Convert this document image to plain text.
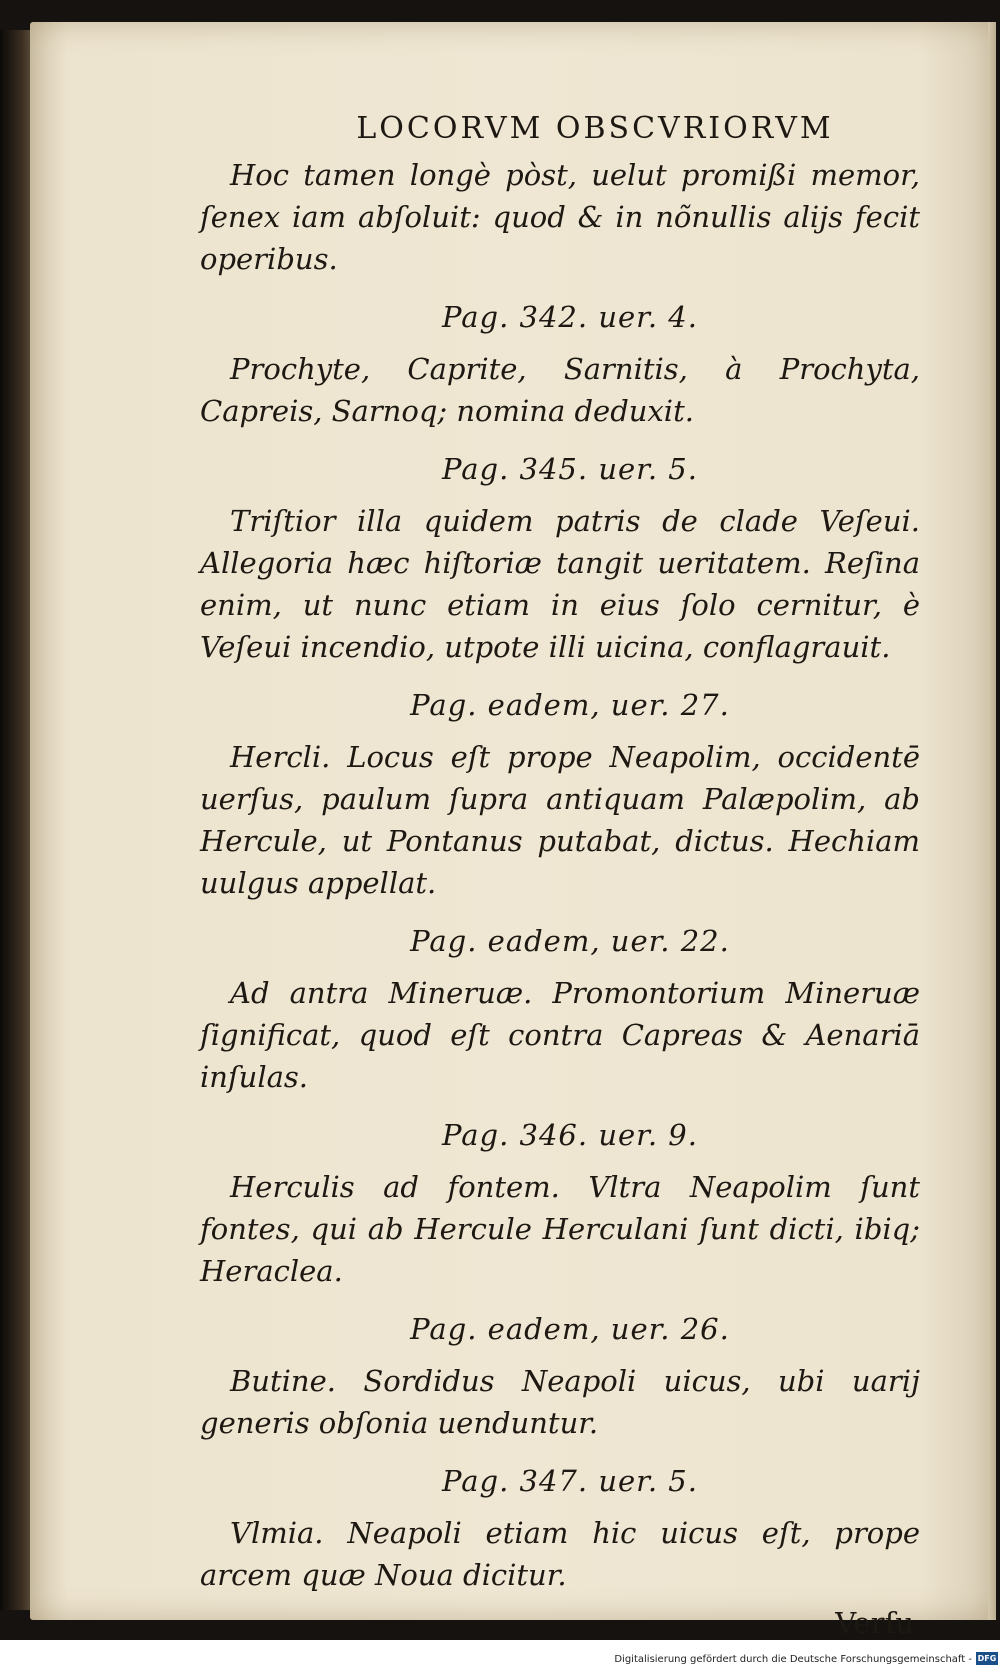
LOCORVM OBSCVRIORVM
Hoc tamen longè pòst, uelut promißi memor, ſenex iam abſoluit: quod & in nõnullis alijs fecit operibus.
Pag. 342. uer. 4.
Prochyte, Caprite, Sarnitis, à Prochyta, Capreis, Sarnoq; nomina deduxit.
Pag. 345. uer. 5.
Triſtior illa quidem patris de clade Veſeui. Allegoria hæc hiſtoriæ tangit ueritatem. Reſina enim, ut nunc etiam in eius ſolo cernitur, è Veſeui incendio, utpote illi uicina, conflagrauit.
Pag. eadem, uer. 27.
Hercli. Locus eſt prope Neapolim, occidentē uerſus, paulum ſupra antiquam Palæpolim, ab Hercule, ut Pontanus putabat, dictus. Hechiam uulgus appellat.
Pag. eadem, uer. 22.
Ad antra Mineruæ. Promontorium Mineruæ ſignificat, quod eſt contra Capreas & Aenariā inſulas.
Pag. 346. uer. 9.
Herculis ad fontem. Vltra Neapolim ſunt fontes, qui ab Hercule Herculani ſunt dicti, ibiq; Heraclea.
Pag. eadem, uer. 26.
Butine. Sordidus Neapoli uicus, ubi uarij generis obſonia uenduntur.
Pag. 347. uer. 5.
Vlmia. Neapoli etiam hic uicus eſt, prope arcem quæ Noua dicitur.
Verſu
Digitalisierung gefördert durch die Deutsche Forschungsgemeinschaft - DFG
